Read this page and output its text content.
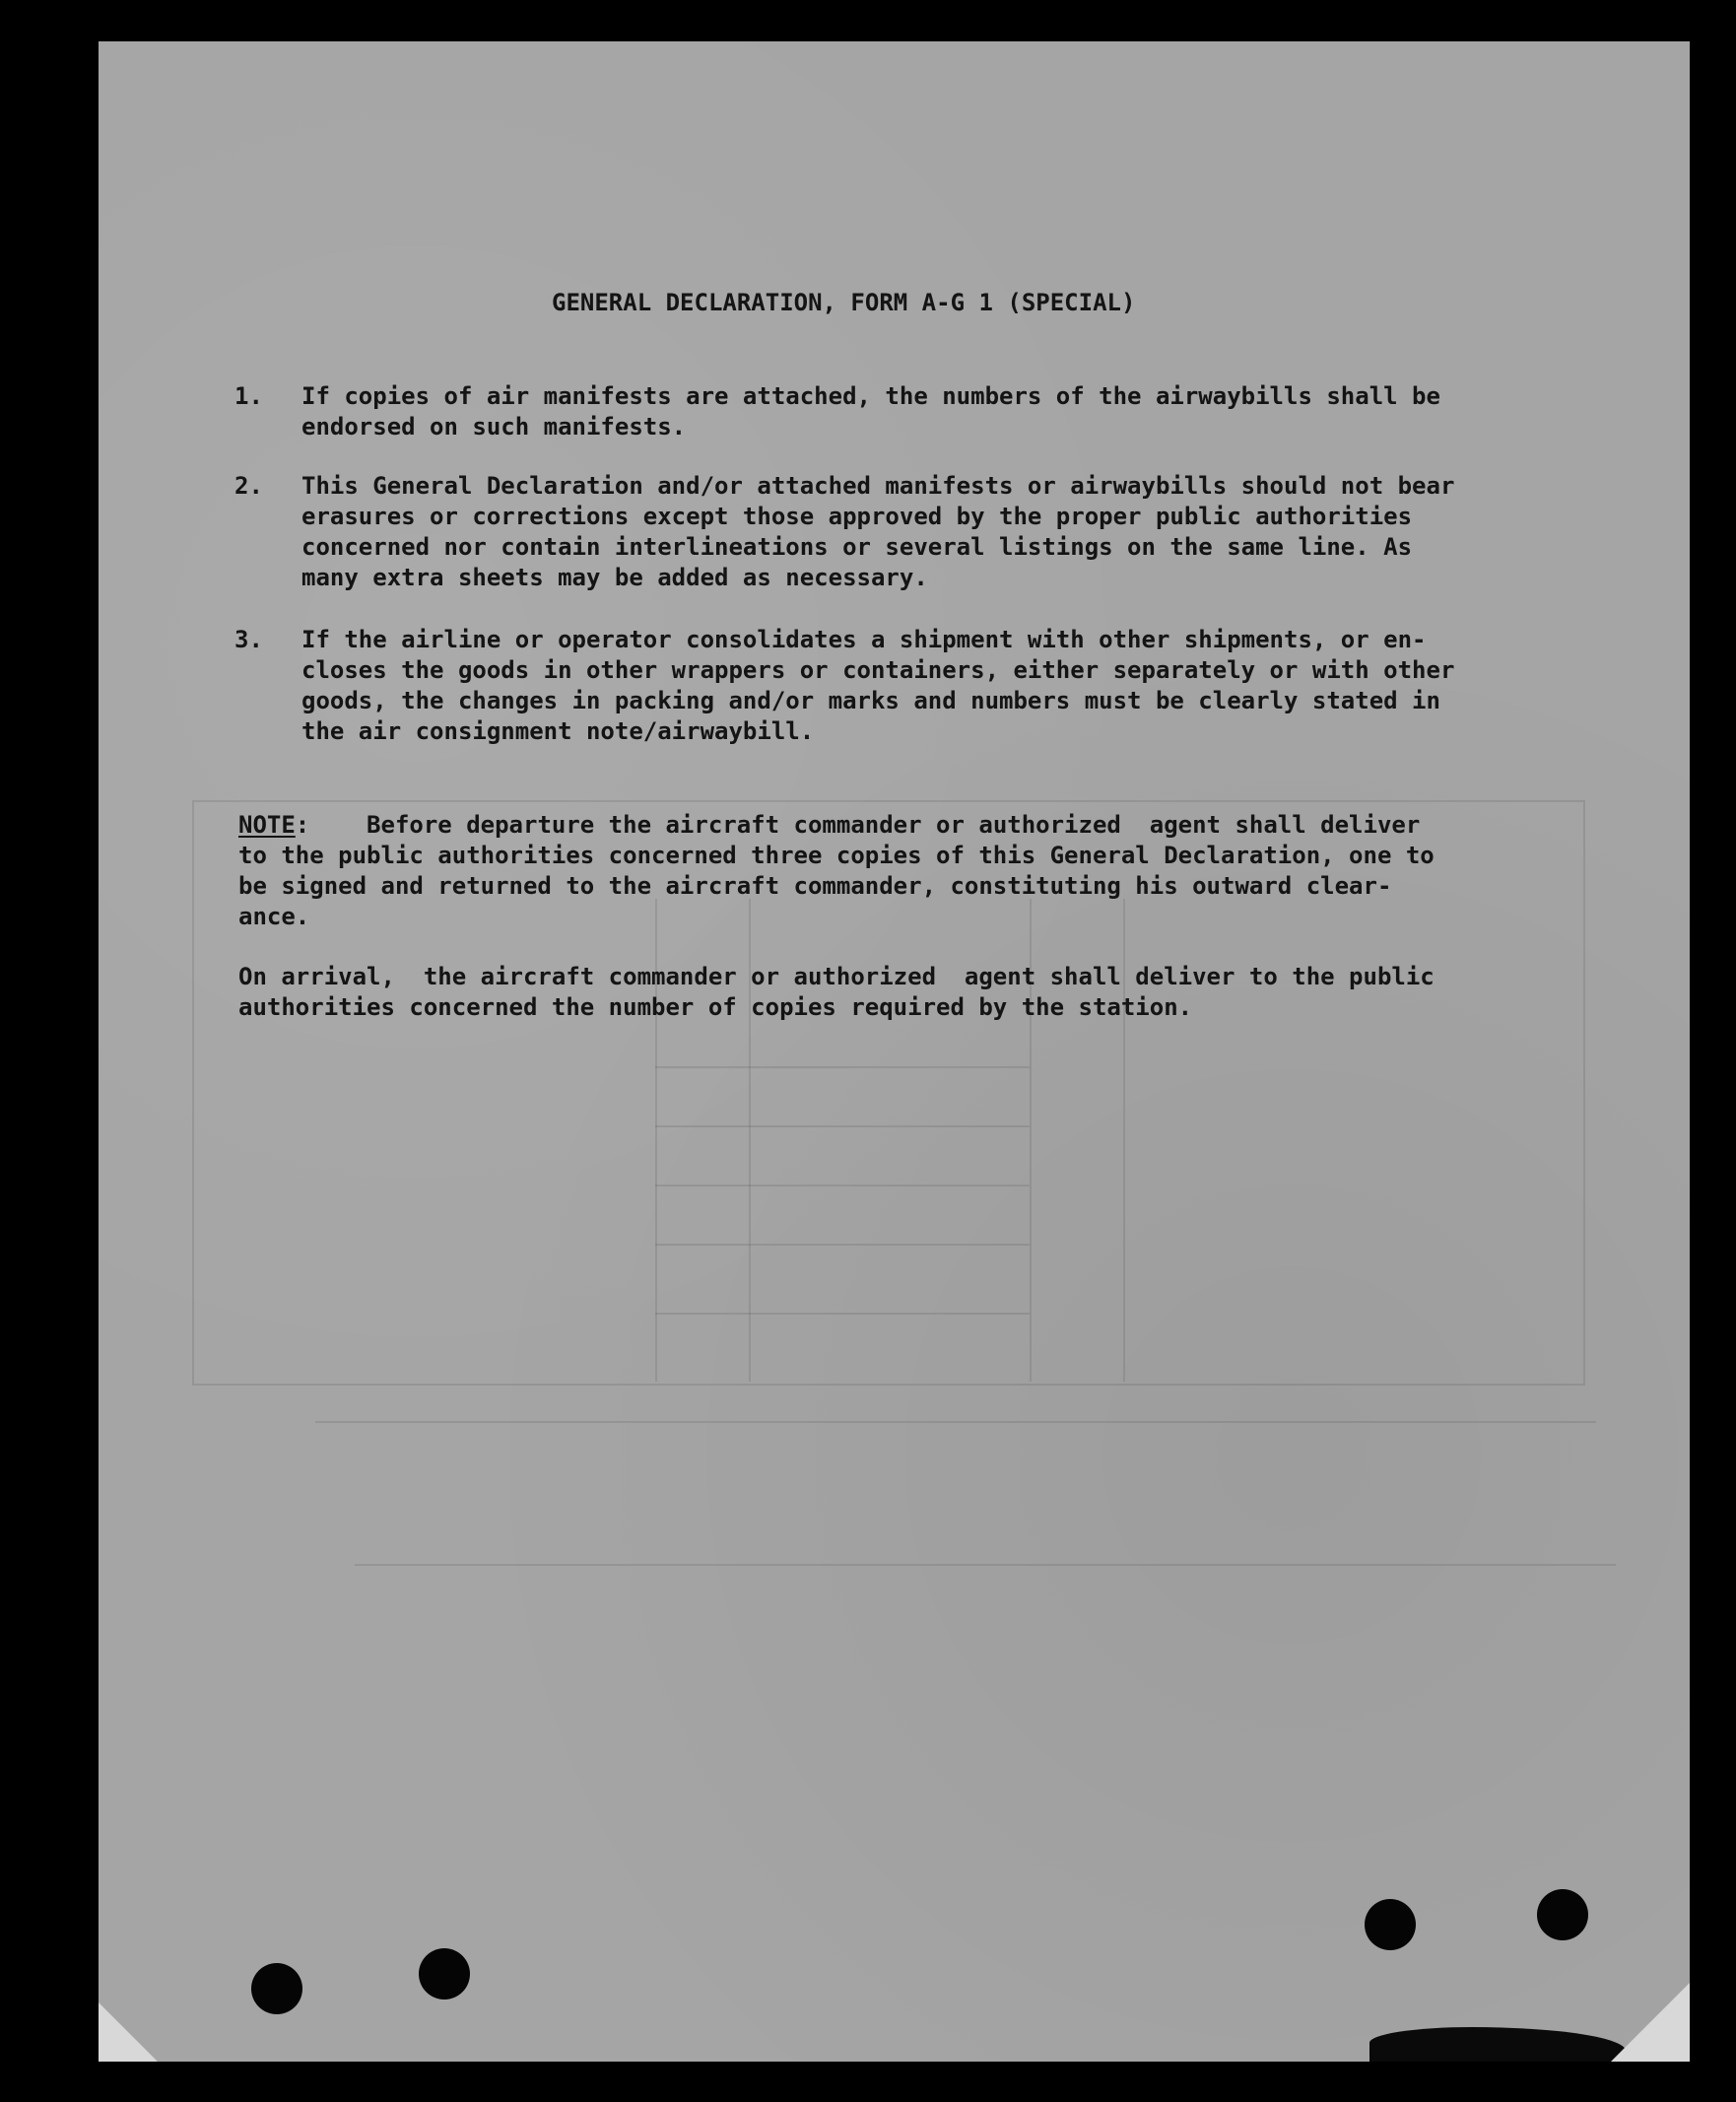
GENERAL DECLARATION, FORM A-G 1 (SPECIAL)
1.	If copies of air manifests are attached, the numbers of the airwaybills shall be
endorsed on such manifests.
2.	This General Declaration and/or attached manifests or airwaybills should not bear
erasures or corrections except those approved by the proper public authorities
concerned nor contain interlineations or several listings on the same line. As
many extra sheets may be added as necessary.
3.	If the airline or operator consolidates a shipment with other shipments, or en-
closes the goods in other wrappers or containers, either separately or with other
goods, the changes in packing and/or marks and numbers must be clearly stated in
the air consignment note/airwaybill.
NOTE:    Before departure the aircraft commander or authorized  agent shall deliver
to the public authorities concerned three copies of this General Declaration, one to
be signed and returned to the aircraft commander, constituting his outward clear-
ance.
On arrival,  the aircraft commander or authorized  agent shall deliver to the public
authorities concerned the number of copies required by the station.
